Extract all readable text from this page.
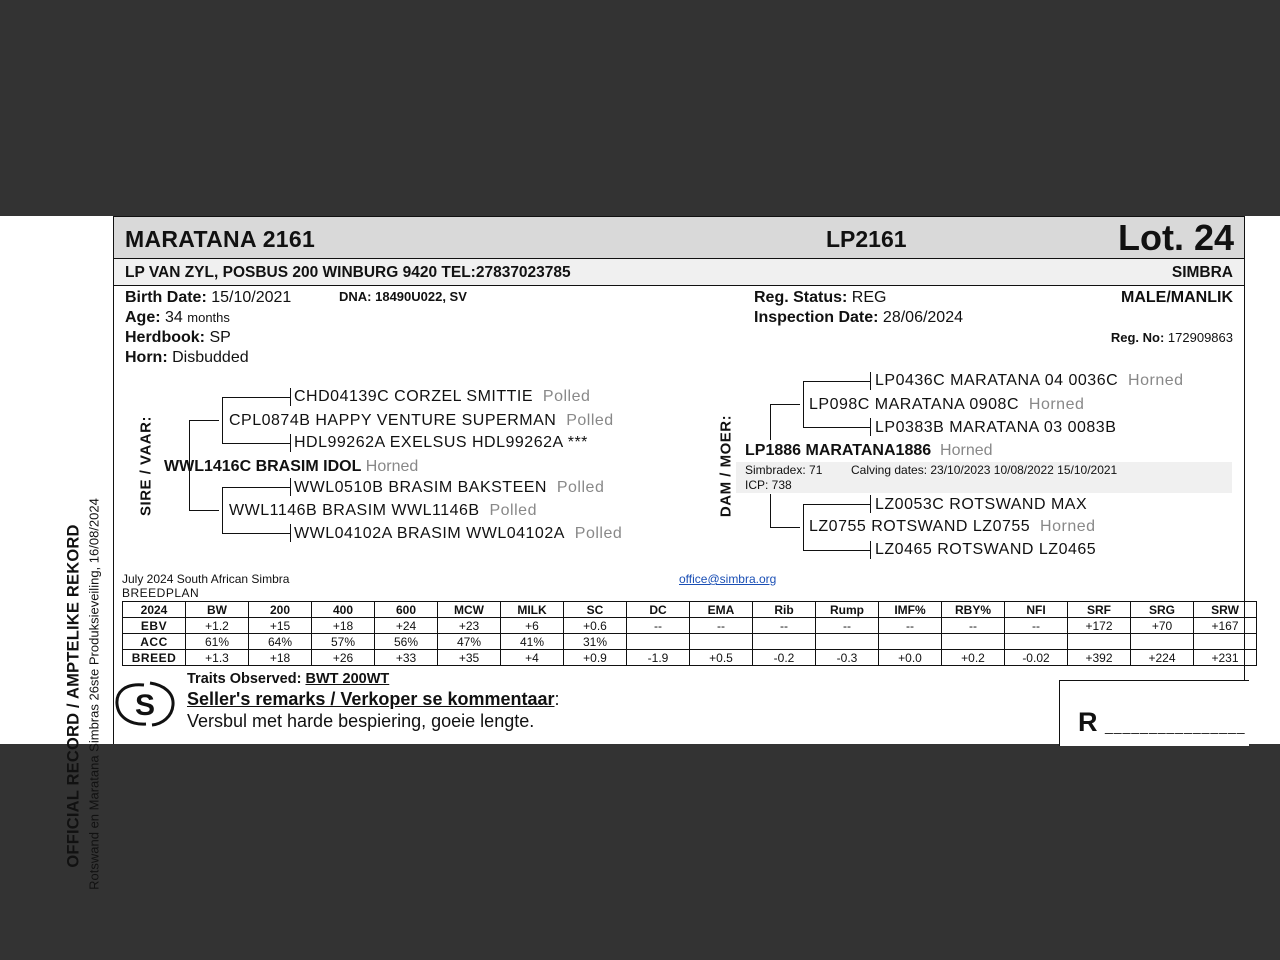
OFFICIAL RECORD / AMPTELIKE REKORD Rotswand en Maratana Simbras 26ste Produksieveiling, 16/08/2024
MARATANA 2161	LP2161	Lot. 24
LP VAN ZYL, POSBUS 200 WINBURG 9420 TEL:27837023785	SIMBRA
Birth Date: 15/10/2021	DNA: 18490U022, SV
Age: 34 months
Herdbook: SP
Horn: Disbudded
Reg. Status: REG
Inspection Date: 28/06/2024
MALE/MANLIK
Reg. No: 172909863
SIRE / VAAR:
CHD04139C CORZEL SMITTIE Polled
CPL0874B HAPPY VENTURE SUPERMAN Polled
HDL99262A EXELSUS HDL99262A ***
WWL1416C BRASIM IDOL Horned
WWL0510B BRASIM BAKSTEEN Polled
WWL1146B BRASIM WWL1146B Polled
WWL04102A BRASIM WWL04102A Polled
DAM / MOER:
LP0436C MARATANA 04 0036C Horned
LP098C MARATANA 0908C Horned
LP0383B MARATANA 03 0083B
LP1886 MARATANA1886 Horned
Simbradex: 71 Calving dates: 23/10/2023 10/08/2022 15/10/2021
ICP: 738
LZ0053C ROTSWAND MAX
LZ0755 ROTSWAND LZ0755 Horned
LZ0465 ROTSWAND LZ0465
July 2024 South African Simbra	office@simbra.org
BREEDPLAN
2024	BW	200	400	600	MCW	MILK	SC	DC	EMA	Rib	Rump	IMF%	RBY%	NFI	SRF	SRG	SRW
EBV	+1.2	+15	+18	+24	+23	+6	+0.6	--	--	--	--	--	--	--	+172	+70	+167
ACC	61%	64%	57%	56%	47%	41%	31%										
BREED	+1.3	+18	+26	+33	+35	+4	+0.9	-1.9	+0.5	-0.2	-0.3	+0.0	+0.2	-0.02	+392	+224	+231
S
Traits Observed: BWT 200WT
Seller's remarks / Verkoper se kommentaar:
Versbul met harde bespiering, goeie lengte.	R ________________
